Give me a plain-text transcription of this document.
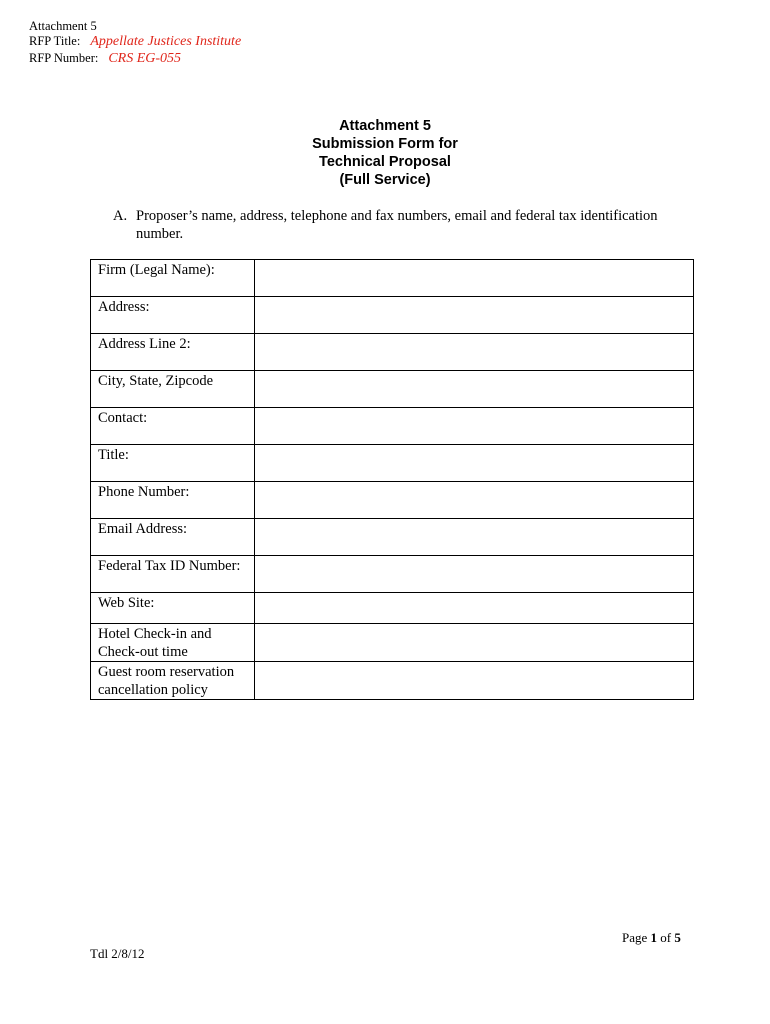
Attachment 5
RFP Title: Appellate Justices Institute
RFP Number: CRS EG-055
Attachment 5
Submission Form for
Technical Proposal
(Full Service)
A. Proposer’s name, address, telephone and fax numbers, email and federal tax identification number.
Firm (Legal Name):	
Address:	
Address Line 2:	
City, State, Zipcode	
Contact:	
Title:	
Phone Number:	
Email Address:	
Federal Tax ID Number:	
Web Site:	
Hotel Check-in and Check-out time	
Guest room reservation cancellation policy	
Page 1 of 5
Tdl 2/8/12
